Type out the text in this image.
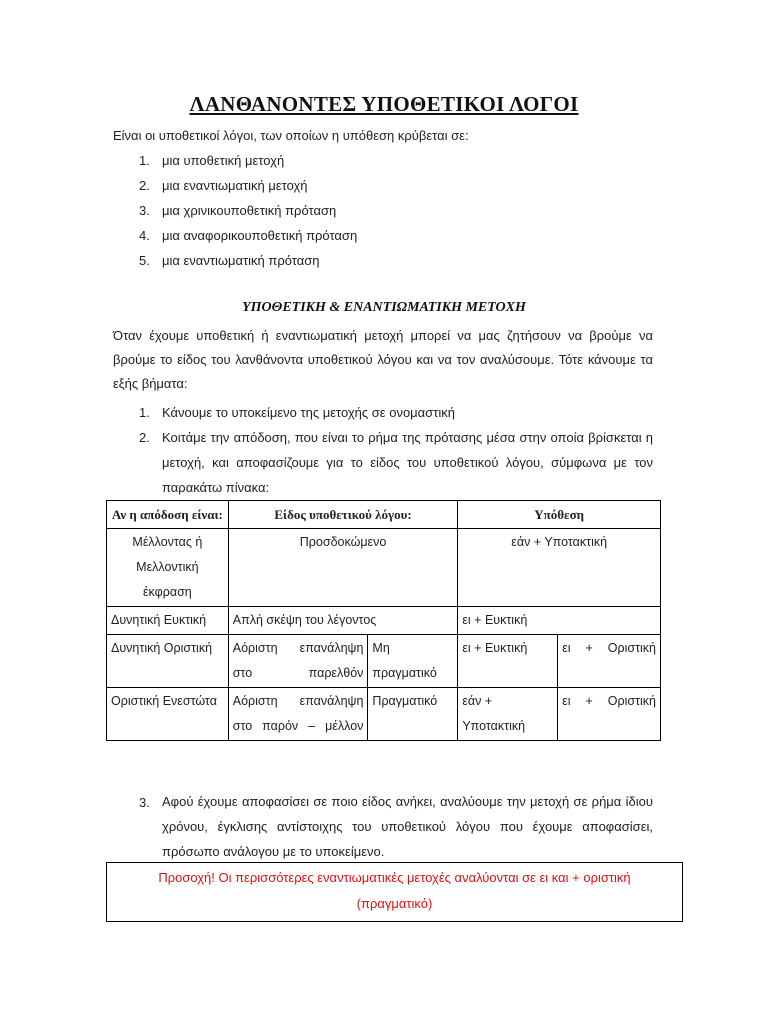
ΛΑΝΘΑΝΟΝΤΕΣ ΥΠΟΘΕΤΙΚΟΙ ΛΟΓΟΙ
Είναι οι υποθετικοί λόγοι, των οποίων η υπόθεση κρύβεται σε:
1. μια υποθετική μετοχή
2. μια εναντιωματική μετοχή
3. μια χρινικουποθετική πρόταση
4. μια αναφορικουποθετική πρόταση
5. μια εναντιωματική πρόταση
ΥΠΟΘΕΤΙΚΗ & ΕΝΑΝΤΙΩΜΑΤΙΚΗ ΜΕΤΟΧΗ
Όταν έχουμε υποθετική ή εναντιωματική μετοχή μπορεί να μας ζητήσουν να βρούμε να βρούμε το είδος του λανθάνοντα υποθετικού λόγου και να τον αναλύσουμε. Τότε κάνουμε τα εξής βήματα:
1. Κάνουμε το υποκείμενο της μετοχής σε ονομαστική
2. Κοιτάμε την απόδοση, που είναι το ρήμα της πρότασης μέσα στην οποία βρίσκεται η μετοχή, και αποφασίζουμε για το είδος του υποθετικού λόγου, σύμφωνα με τον παρακάτω πίνακα:
Αν η απόδοση είναι:	Είδος υποθετικού λόγου:		Υπόθεση	
Μέλλοντας ή Μελλοντική έκφραση	Προσδοκώμενο		εάν + Υποτακτική	
Δυνητική Ευκτική	Απλή σκέψη του λέγοντος		ει + Ευκτική	
Δυνητική Οριστική	Αόριστη επανάληψη στο παρελθόν	Μη πραγματικό	ει + Ευκτική	ει + Οριστική
Οριστική Ενεστώτα	Αόριστη επανάληψη στο παρόν – μέλλον	Πραγματικό	εάν + Υποτακτική	ει + Οριστική
3. Αφού έχουμε αποφασίσει σε ποιο είδος ανήκει, αναλύουμε την μετοχή σε ρήμα ίδιου χρόνου, έγκλισης αντίστοιχης του υποθετικού λόγου που έχουμε αποφασίσει, πρόσωπο ανάλογου με το υποκείμενο.
Προσοχή! Οι περισσότερες εναντιωματικές μετοχές αναλύονται σε ει και + οριστική
(πραγματικό)
